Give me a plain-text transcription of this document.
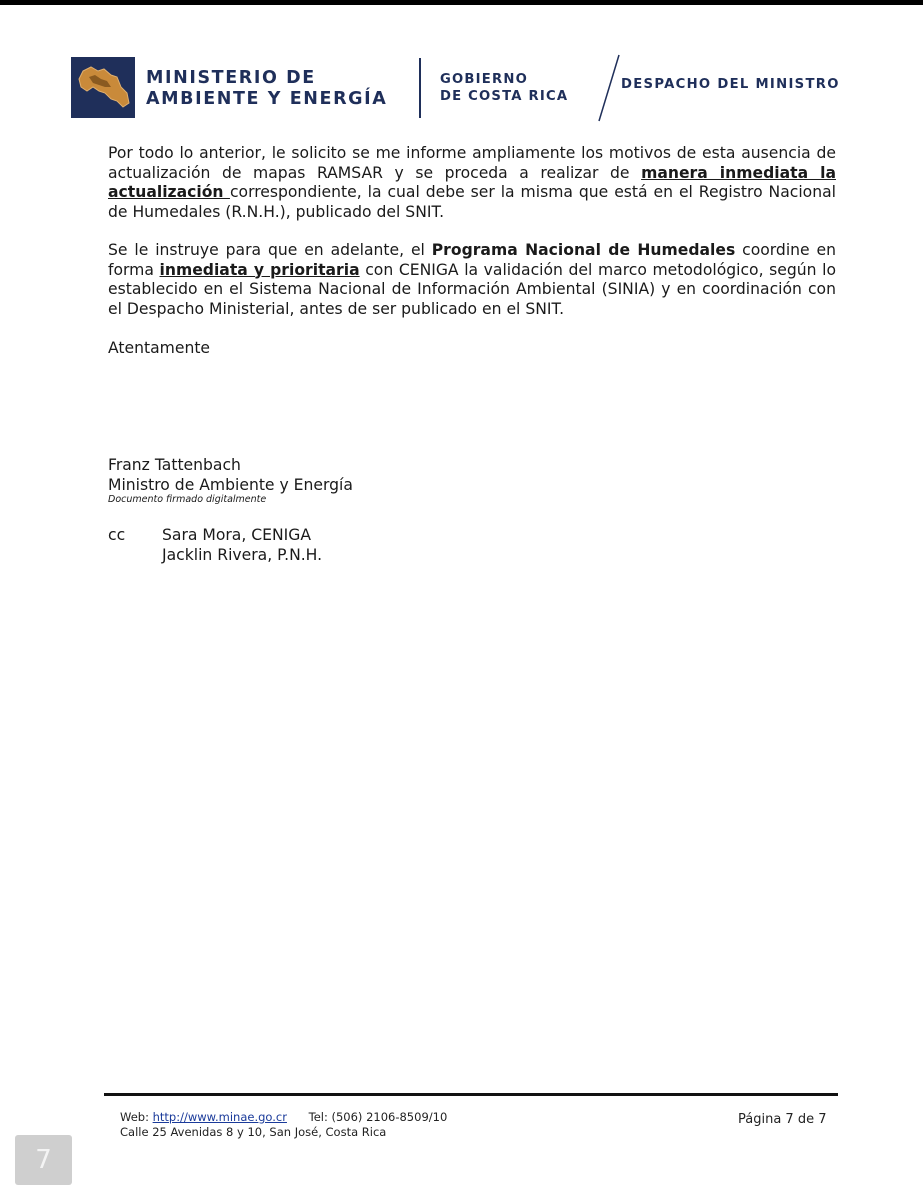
MINISTERIO DE
AMBIENTE Y ENERGÍA
GOBIERNO
DE COSTA RICA
DESPACHO DEL MINISTRO
Por todo lo anterior, le solicito se me informe ampliamente los motivos de esta ausencia de actualización de mapas RAMSAR y se proceda a realizar de manera inmediata la actualización correspondiente, la cual debe ser la misma que está en el Registro Nacional de Humedales (R.N.H.), publicado del SNIT.
Se le instruye para que en adelante, el Programa Nacional de Humedales coordine en forma inmediata y prioritaria con CENIGA la validación del marco metodológico, según lo establecido en el Sistema Nacional de Información Ambiental (SINIA) y en coordinación con el Despacho Ministerial, antes de ser publicado en el SNIT.
Atentamente
Franz Tattenbach
Ministro de Ambiente y Energía
Documento firmado digitalmente
cc Sara Mora, CENIGA
Jacklin Rivera, P.N.H.
Web: http://www.minae.go.cr Tel: (506) 2106-8509/10
Calle 25 Avenidas 8 y 10, San José, Costa Rica
Página 7 de 7
7
